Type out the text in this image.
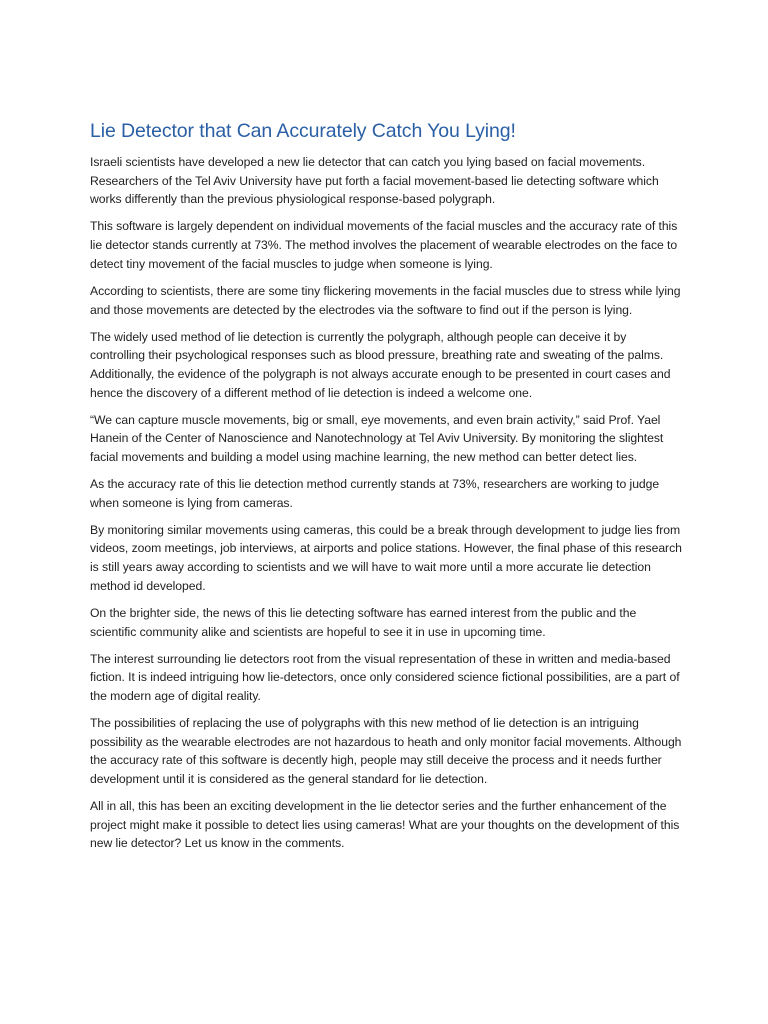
Lie Detector that Can Accurately Catch You Lying!

Israeli scientists have developed a new lie detector that can catch you lying based on facial movements. Researchers of the Tel Aviv University have put forth a facial movement-based lie detecting software which works differently than the previous physiological response-based polygraph.

This software is largely dependent on individual movements of the facial muscles and the accuracy rate of this lie detector stands currently at 73%. The method involves the placement of wearable electrodes on the face to detect tiny movement of the facial muscles to judge when someone is lying.

According to scientists, there are some tiny flickering movements in the facial muscles due to stress while lying and those movements are detected by the electrodes via the software to find out if the person is lying.

The widely used method of lie detection is currently the polygraph, although people can deceive it by controlling their psychological responses such as blood pressure, breathing rate and sweating of the palms. Additionally, the evidence of the polygraph is not always accurate enough to be presented in court cases and hence the discovery of a different method of lie detection is indeed a welcome one.

“We can capture muscle movements, big or small, eye movements, and even brain activity,” said Prof. Yael Hanein of the Center of Nanoscience and Nanotechnology at Tel Aviv University. By monitoring the slightest facial movements and building a model using machine learning, the new method can better detect lies.

As the accuracy rate of this lie detection method currently stands at 73%, researchers are working to judge when someone is lying from cameras.

By monitoring similar movements using cameras, this could be a break through development to judge lies from videos, zoom meetings, job interviews, at airports and police stations. However, the final phase of this research is still years away according to scientists and we will have to wait more until a more accurate lie detection method id developed.

On the brighter side, the news of this lie detecting software has earned interest from the public and the scientific community alike and scientists are hopeful to see it in use in upcoming time.

The interest surrounding lie detectors root from the visual representation of these in written and media-based fiction. It is indeed intriguing how lie-detectors, once only considered science fictional possibilities, are a part of the modern age of digital reality.

The possibilities of replacing the use of polygraphs with this new method of lie detection is an intriguing possibility as the wearable electrodes are not hazardous to heath and only monitor facial movements. Although the accuracy rate of this software is decently high, people may still deceive the process and it needs further development until it is considered as the general standard for lie detection.

All in all, this has been an exciting development in the lie detector series and the further enhancement of the project might make it possible to detect lies using cameras! What are your thoughts on the development of this new lie detector? Let us know in the comments.
